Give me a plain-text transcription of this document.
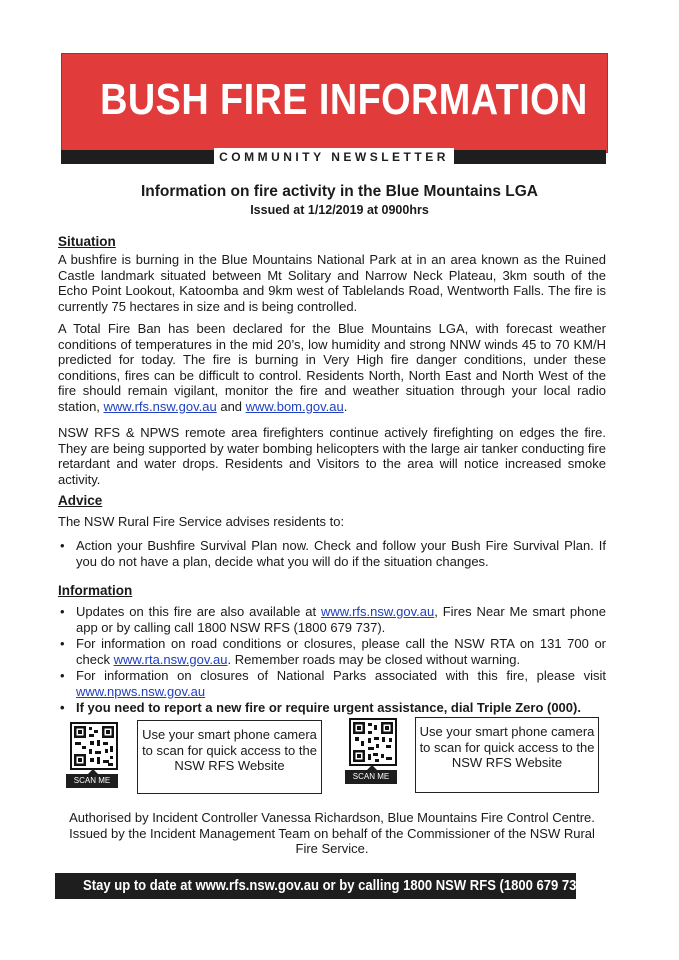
BUSH FIRE INFORMATION
COMMUNITY NEWSLETTER
Information on fire activity in the Blue Mountains LGA
Issued at 1/12/2019 at 0900hrs
Situation
A bushfire is burning in the Blue Mountains National Park at in an area known as the Ruined Castle landmark situated between Mt Solitary and Narrow Neck Plateau, 3km south of the Echo Point Lookout, Katoomba and 9km west of Tablelands Road, Wentworth Falls. The fire is currently 75 hectares in size and is being controlled.
A Total Fire Ban has been declared for the Blue Mountains LGA, with forecast weather conditions of temperatures in the mid 20’s, low humidity and strong NNW winds 45 to 70 KM/H predicted for today. The fire is burning in Very High fire danger conditions, under these conditions, fires can be difficult to control. Residents North, North East and North West of the fire should remain vigilant, monitor the fire and weather situation through your local radio station, www.rfs.nsw.gov.au and www.bom.gov.au.
NSW RFS & NPWS remote area firefighters continue actively firefighting on edges the fire. They are being supported by water bombing helicopters with the large air tanker conducting fire retardant and water drops. Residents and Visitors to the area will notice increased smoke activity.
Advice
The NSW Rural Fire Service advises residents to:
• Action your Bushfire Survival Plan now. Check and follow your Bush Fire Survival Plan. If you do not have a plan, decide what you will do if the situation changes.
Information
• Updates on this fire are also available at www.rfs.nsw.gov.au, Fires Near Me smart phone app or by calling call 1800 NSW RFS (1800 679 737).
• For information on road conditions or closures, please call the NSW RTA on 131 700 or check www.rta.nsw.gov.au. Remember roads may be closed without warning.
• For information on closures of National Parks associated with this fire, please visit www.npws.nsw.gov.au
• If you need to report a new fire or require urgent assistance, dial Triple Zero (000).
SCAN ME
Use your smart phone camera to scan for quick access to the NSW RFS Website
SCAN ME
Use your smart phone camera to scan for quick access to the NSW RFS Website
Authorised by Incident Controller Vanessa Richardson, Blue Mountains Fire Control Centre. Issued by the Incident Management Team on behalf of the Commissioner of the NSW Rural Fire Service.
Stay up to date at www.rfs.nsw.gov.au or by calling 1800 NSW RFS (1800 679 737)
